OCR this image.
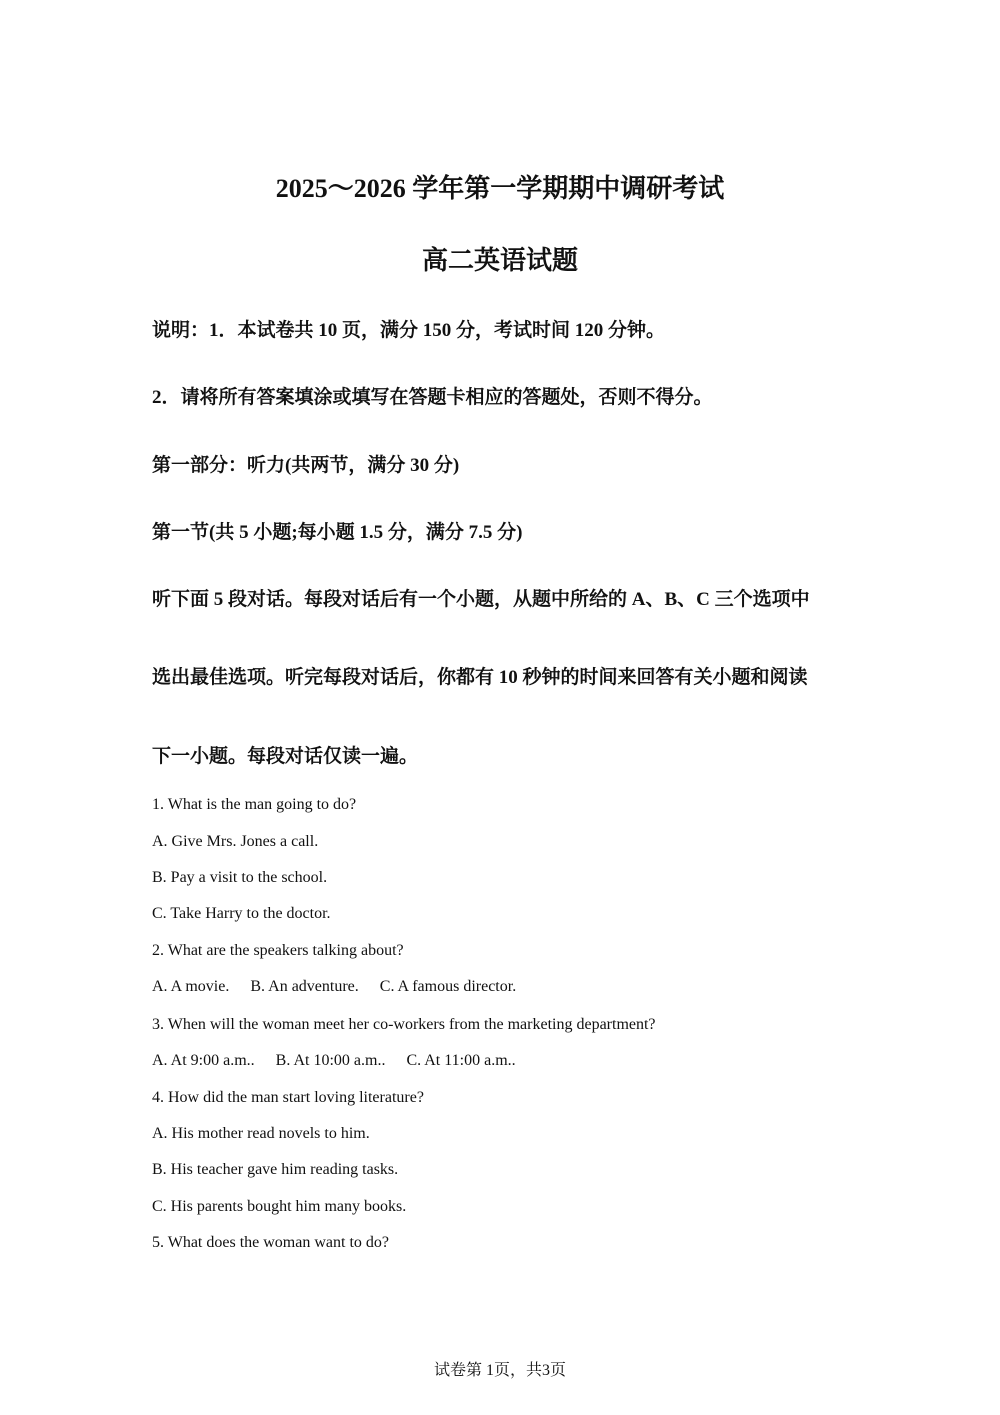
2025～2026 学年第一学期期中调研考试
高二英语试题
说明：1．本试卷共 10 页，满分 150 分，考试时间 120 分钟。
2．请将所有答案填涂或填写在答题卡相应的答题处，否则不得分。
第一部分：听力(共两节，满分 30 分)
第一节(共 5 小题;每小题 1.5 分，满分 7.5 分)
听下面 5 段对话。每段对话后有一个小题，从题中所给的 A、B、C 三个选项中
选出最佳选项。听完每段对话后，你都有 10 秒钟的时间来回答有关小题和阅读
下一小题。每段对话仅读一遍。
1. What is the man going to do?
A. Give Mrs. Jones a call.
B. Pay a visit to the school.
C. Take Harry to the doctor.
2. What are the speakers talking about?
A. A movie. B. An adventure. C. A famous director.
3. When will the woman meet her co-workers from the marketing department?
A. At 9:00 a.m.. B. At 10:00 a.m.. C. At 11:00 a.m..
4. How did the man start loving literature?
A. His mother read novels to him.
B. His teacher gave him reading tasks.
C. His parents bought him many books.
5. What does the woman want to do?
试卷第 1页，共3页
